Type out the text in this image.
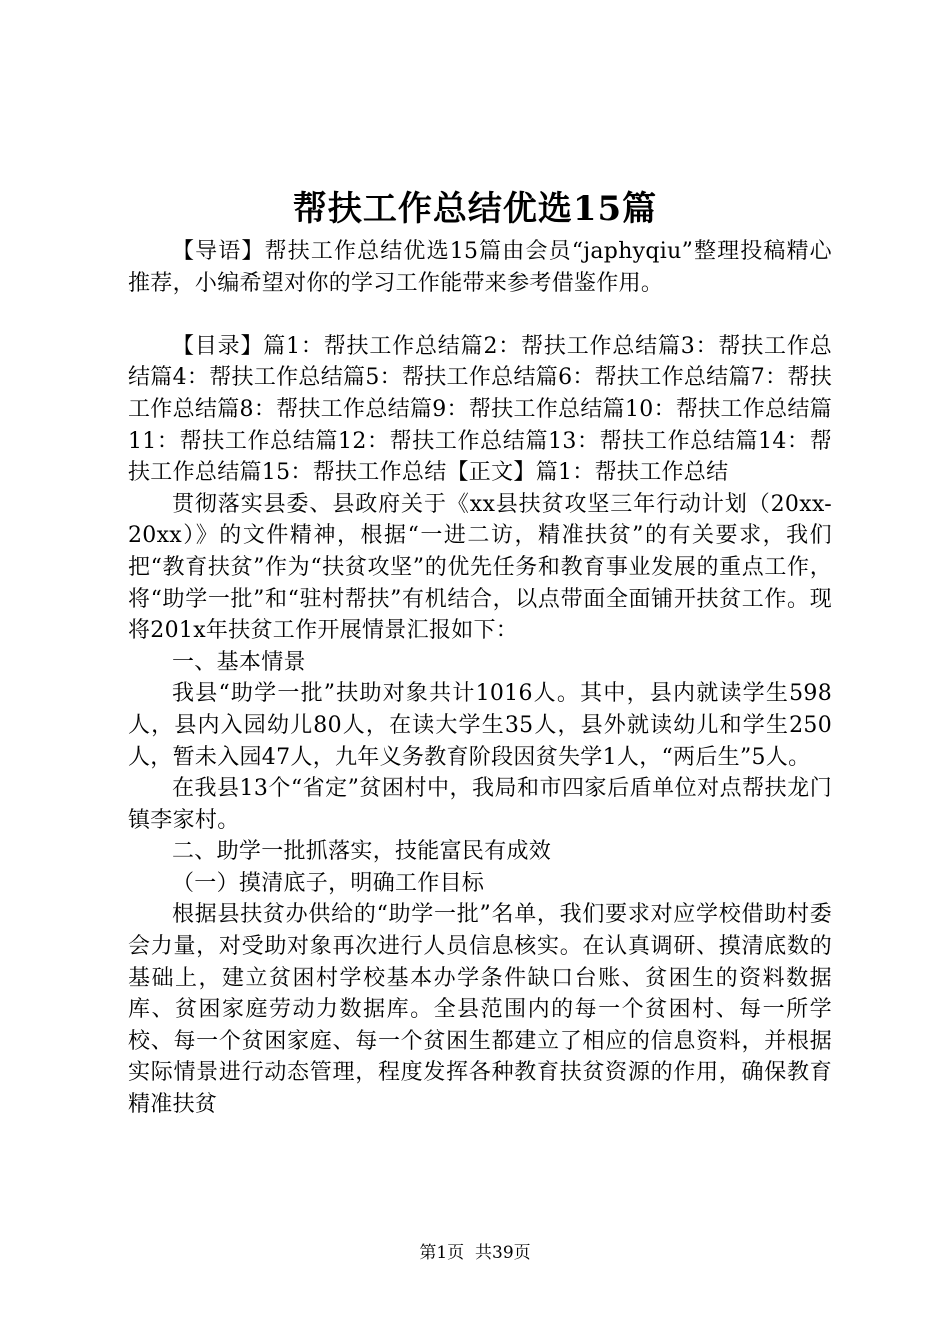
帮扶工作总结优选15篇

【导语】帮扶工作总结优选15篇由会员“japhyqiu”整理投稿精心推荐，小编希望对你的学习工作能带来参考借鉴作用。

【目录】篇1：帮扶工作总结篇2：帮扶工作总结篇3：帮扶工作总结篇4：帮扶工作总结篇5：帮扶工作总结篇6：帮扶工作总结篇7：帮扶工作总结篇8：帮扶工作总结篇9：帮扶工作总结篇10：帮扶工作总结篇11：帮扶工作总结篇12：帮扶工作总结篇13：帮扶工作总结篇14：帮扶工作总结篇15：帮扶工作总结【正文】篇1：帮扶工作总结

贯彻落实县委、县政府关于《xx县扶贫攻坚三年行动计划（20xx-20xx）》的文件精神，根据“一进二访，精准扶贫”的有关要求，我们把“教育扶贫”作为“扶贫攻坚”的优先任务和教育事业发展的重点工作，将“助学一批”和“驻村帮扶”有机结合，以点带面全面铺开扶贫工作。现将201x年扶贫工作开展情景汇报如下：

一、基本情景

我县“助学一批”扶助对象共计1016人。其中，县内就读学生598人，县内入园幼儿80人，在读大学生35人，县外就读幼儿和学生250人，暂未入园47人，九年义务教育阶段因贫失学1人，“两后生”5人。

在我县13个“省定”贫困村中，我局和市四家后盾单位对点帮扶龙门镇李家村。

二、助学一批抓落实，技能富民有成效

（一）摸清底子，明确工作目标

根据县扶贫办供给的“助学一批”名单，我们要求对应学校借助村委会力量，对受助对象再次进行人员信息核实。在认真调研、摸清底数的基础上，建立贫困村学校基本办学条件缺口台账、贫困生的资料数据库、贫困家庭劳动力数据库。全县范围内的每一个贫困村、每一所学校、每一个贫困家庭、每一个贫困生都建立了相应的信息资料，并根据实际情景进行动态管理，程度发挥各种教育扶贫资源的作用，确保教育精准扶贫

第1页 共39页
